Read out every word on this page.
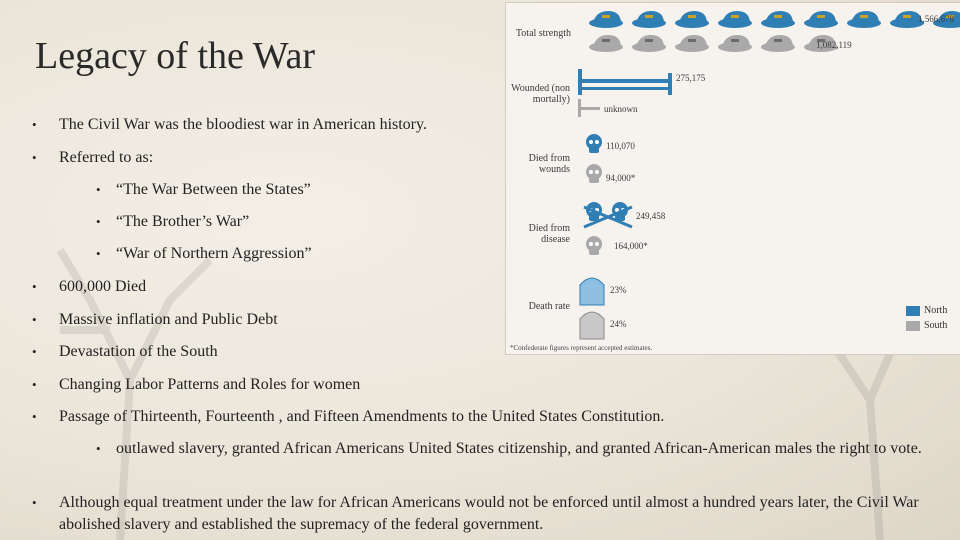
Legacy of the War
• The Civil War was the bloodiest war in American history.
• Referred to as:
• “The War Between the States”
• “The Brother’s War”
• “War of Northern Aggression”
• 600,000 Died
• Massive inflation and Public Debt
• Devastation of the South
• Changing Labor Patterns and Roles for women
• Passage of Thirteenth, Fourteenth , and Fifteen Amendments to the United States Constitution.
• outlawed slavery, granted African Americans United States citizenship, and granted African-American males the right to vote.
• Although equal treatment under the law for African Americans would not be enforced until almost a hundred years later, the Civil War abolished slavery and established the supremacy of the federal government.
Total strength
Wounded (non mortally)
Died from wounds
Died from disease
Death rate
1,566,678
1,082,119
275,175
unknown
110,070
94,000*
249,458
164,000*
23%
24%
North
South
*Confederate figures represent accepted estimates.
